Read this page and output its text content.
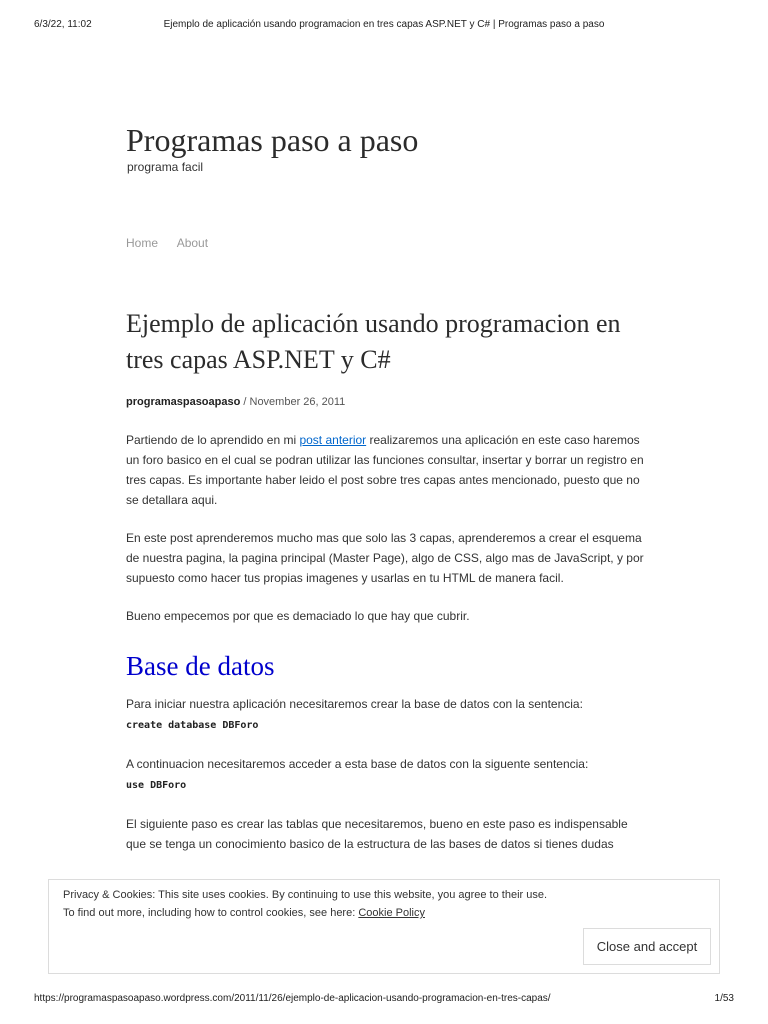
6/3/22, 11:02	Ejemplo de aplicación usando programacion en tres capas ASP.NET y C# | Programas paso a paso
Programas paso a paso
programa facil
Home About
Ejemplo de aplicación usando programacion en tres capas ASP.NET y C#
programaspasoapaso / November 26, 2011

Partiendo de lo aprendido en mi post anterior realizaremos una aplicación en este caso haremos un foro basico en el cual se podran utilizar las funciones consultar, insertar y borrar un registro en tres capas. Es importante haber leido el post sobre tres capas antes mencionado, puesto que no se detallara aqui.

En este post aprenderemos mucho mas que solo las 3 capas, aprenderemos a crear el esquema de nuestra pagina, la pagina principal (Master Page), algo de CSS, algo mas de JavaScript, y por supuesto como hacer tus propias imagenes y usarlas en tu HTML de manera facil.

Bueno empecemos por que es demaciado lo que hay que cubrir.

Base de datos

Para iniciar nuestra aplicación necesitaremos crear la base de datos con la sentencia:
create database DBForo

A continuacion necesitaremos acceder a esta base de datos con la siguente sentencia:
use DBForo

El siguiente paso es crear las tablas que necesitaremos, bueno en este paso es indispensable que se tenga un conocimiento basico de la estructura de las bases de datos si tienes dudas

Privacy & Cookies: This site uses cookies. By continuing to use this website, you agree to their use.
To find out more, including how to control cookies, see here: Cookie Policy
Close and accept
https://programaspasoapaso.wordpress.com/2011/11/26/ejemplo-de-aplicacion-usando-programacion-en-tres-capas/	1/53
